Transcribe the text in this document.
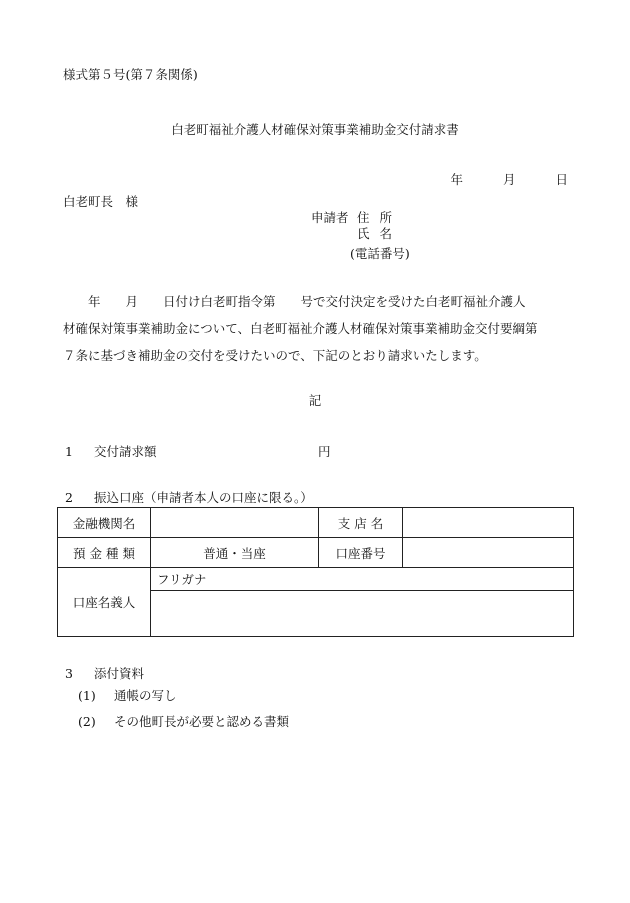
様式第５号(第７条関係)
白老町福祉介護人材確保対策事業補助金交付請求書
年	月	日
白老町長　様
申請者 住所
氏名
(電話番号)
　　年　　月　　日付け白老町指令第　　号で交付決定を受けた白老町福祉介護人
材確保対策事業補助金について、白老町福祉介護人材確保対策事業補助金交付要綱第
７条に基づき補助金の交付を受けたいので、下記のとおり請求いたします。
記
1 交付請求額	円
2 振込口座（申請者本人の口座に限る。）
金融機関名		支 店 名	
預 金 種 類	普通・当座	口座番号	
口座名義人	フリガナ		

3 添付資料
(1) 通帳の写し
(2) その他町長が必要と認める書類
